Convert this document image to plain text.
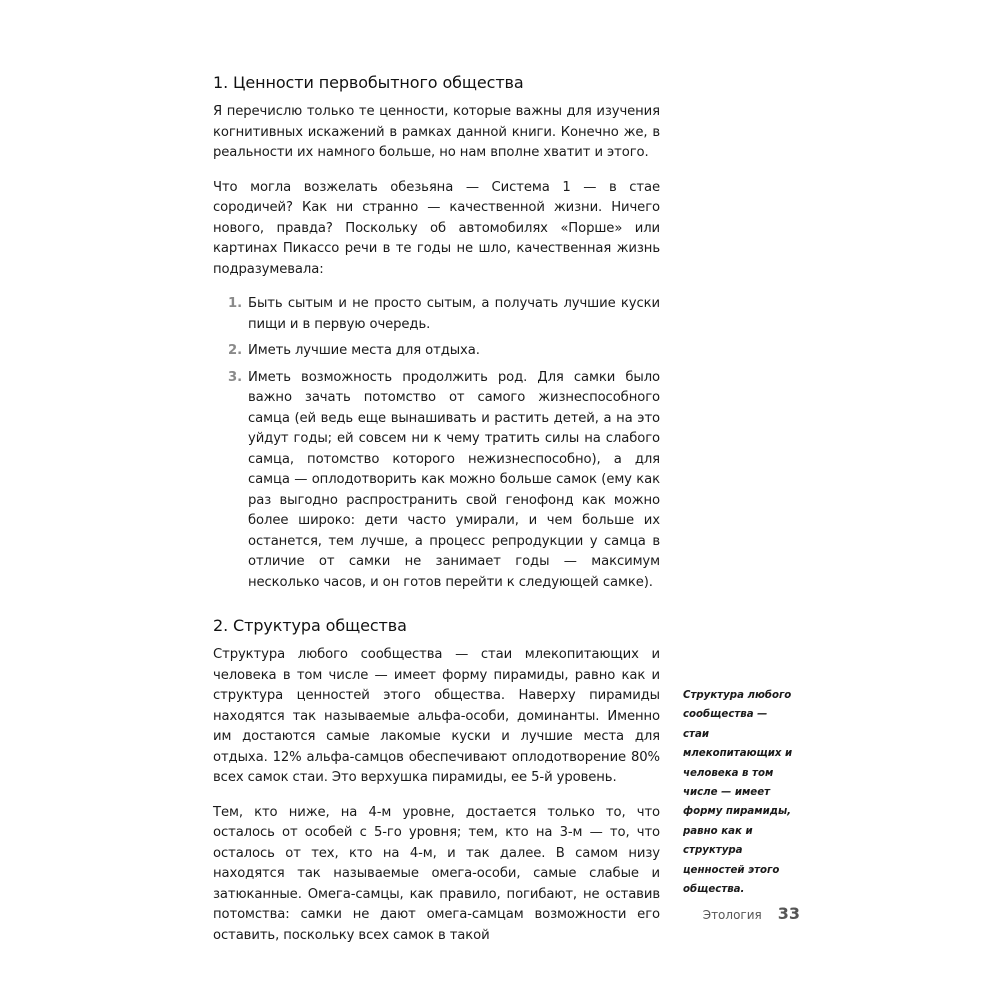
1. Ценности первобытного общества

Я перечислю только те ценности, которые важны для изучения когнитивных искажений в рамках данной книги. Конечно же, в реальности их намного больше, но нам вполне хватит и этого.

Что могла возжелать обезьяна — Система 1 — в стае сородичей? Как ни странно — качественной жизни. Ничего нового, правда? Поскольку об автомобилях «Порше» или картинах Пикассо речи в те годы не шло, качественная жизнь подразумевала:

1. Быть сытым и не просто сытым, а получать лучшие куски пищи и в первую очередь.
2. Иметь лучшие места для отдыха.
3. Иметь возможность продолжить род. Для самки было важно зачать потомство от самого жизнеспособного самца (ей ведь еще вынашивать и растить детей, а на это уйдут годы; ей совсем ни к чему тратить силы на слабого самца, потомство которого нежизнеспособно), а для самца — оплодотворить как можно больше самок (ему как раз выгодно распространить свой генофонд как можно более широко: дети часто умирали, и чем больше их останется, тем лучше, а процесс репродукции у самца в отличие от самки не занимает годы — максимум несколько часов, и он готов перейти к следующей самке).
2. Структура общества

Структура любого сообщества — стаи млекопитающих и человека в том числе — имеет форму пирамиды, равно как и структура ценностей этого общества. Наверху пирамиды находятся так называемые альфа-особи, доминанты. Именно им достаются самые лакомые куски и лучшие места для отдыха. 12% альфа-самцов обеспечивают оплодотворение 80% всех самок стаи. Это верхушка пирамиды, ее 5-й уровень.

Тем, кто ниже, на 4-м уровне, достается только то, что осталось от особей с 5-го уровня; тем, кто на 3-м — то, что осталось от тех, кто на 4-м, и так далее. В самом низу находятся так называемые омега-особи, самые слабые и затюканные. Омега-самцы, как правило, погибают, не оставив потомства: самки не дают омега-самцам возможности его оставить, поскольку всех самок в такой

Структура любого сообщества — стаи млекопитающих и человека в том числе — имеет форму пирамиды, равно как и структура ценностей этого общества.
Этология 33
